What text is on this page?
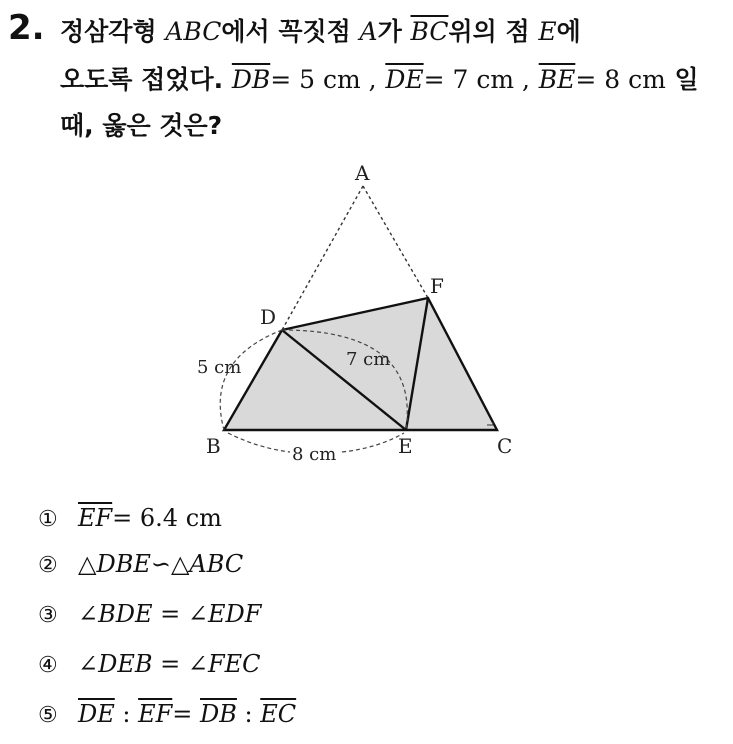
2. 정삼각형 ABC에서 꼭짓점 A가 $\overline{BC}$위의 점 E에
오도록 접었다. $\overline{DB}= 5$ cm , $\overline{DE}= 7$ cm , $\overline{BE}= 8$ cm 일
때, 옳은 것은?
A
F
D
B	E	C
5 cm	7 cm
8 cm
① $\overline{EF}= 6.4$ cm
② △DBE∽△ABC
③ ∠BDE = ∠EDF
④ ∠DEB = ∠FEC
⑤ $\overline{DE}$ : $\overline{EF}= \overline{DB}$ : $\overline{EC}$
